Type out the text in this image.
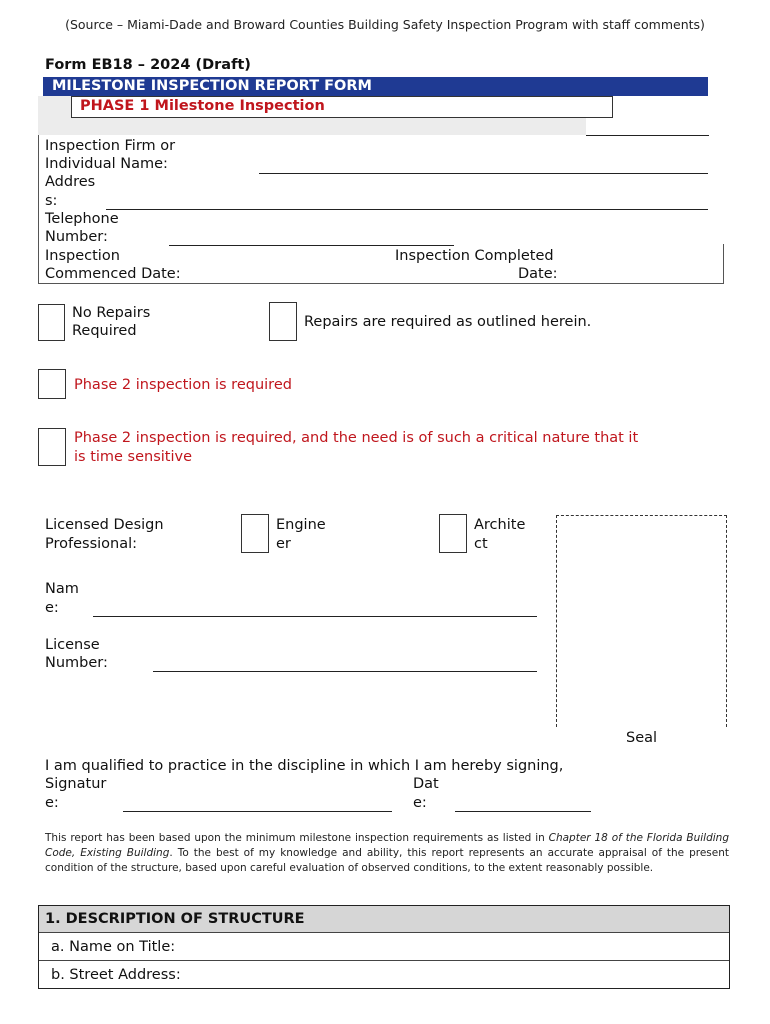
(Source – Miami-Dade and Broward Counties Building Safety Inspection Program with staff comments)
Form EB18 – 2024 (Draft)
MILESTONE INSPECTION REPORT FORM
PHASE 1 Milestone Inspection
Inspection Firm or
Individual Name:
Addres
s:
Telephone
Number:
Inspection
Commenced Date:
Inspection Completed
Date:
No Repairs
Required
Repairs are required as outlined herein.
Phase 2 inspection is required
Phase 2 inspection is required, and the need is of such a critical nature that it
is time sensitive
Licensed Design
Professional:
Engine
er
Archite
ct
Nam
e:
License
Number:
Seal
I am qualified to practice in the discipline in which I am hereby signing,
Signatur
e:
Dat
e:
This report has been based upon the minimum milestone inspection requirements as listed in Chapter 18 of the Florida Building Code, Existing Building. To the best of my knowledge and ability, this report represents an accurate appraisal of the present condition of the structure, based upon careful evaluation of observed conditions, to the extent reasonably possible.
1. DESCRIPTION OF STRUCTURE
a. Name on Title:
b. Street Address:
